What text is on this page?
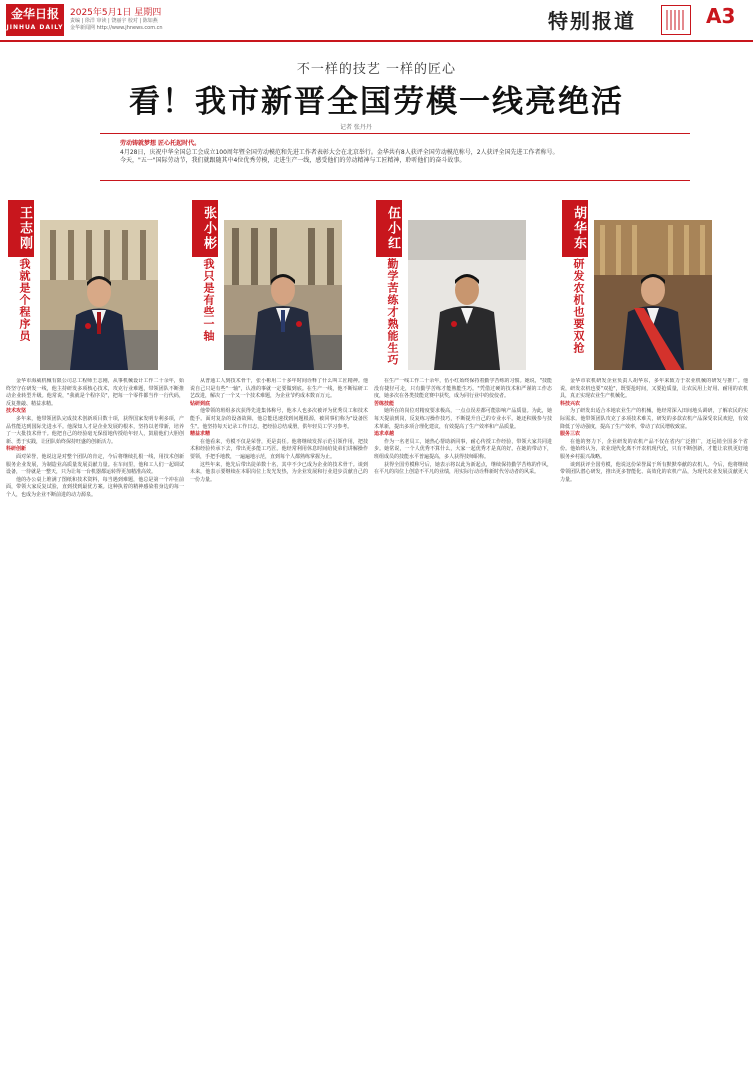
金华日报
JINHUA DAILY
2025年5月1日 星期四
责编 | 徐洋 审读 | 饶丽宇 校对 | 陈如燕
金华新闻网 http://www.jhnews.com.cn	特别报道	A3
不一样的技艺 一样的匠心
看！我市新晋全国劳模一线亮绝活
记者 张丹丹

劳动铸就梦想 匠心托起时代。

4月28日，庆祝中华全国总工会成立100周年暨全国劳动模范和先进工作者表彰大会在北京举行。金华共有8人获评全国劳动模范称号，2人获评全国先进工作者称号。

今天，"五一"国际劳动节，我们就跟随其中4位优秀劳模，走进生产一线，感受他们的劳动精神与工匠精神，聆听他们的奋斗故事。

王志刚
我就是个程序员

金华市海威机械有限公司总工程师王志刚，从事机械设计工作二十余年，始终坚守在研发一线，他主持研发多项核心技术，攻克行业难题，带领团队不断推动企业转型升级。他常说，"我就是个程序员"，把每一个零件都当作一行代码，反复推敲、精益求精。

技术攻坚

多年来，他带领团队完成技术创新项目数十项，获得国家发明专利多项，产品性能达到国际先进水平。他深知人才是企业发展的根本，坚持以老带新，培养了一大批技术骨干。他把自己的经验毫无保留地传授给年轻人，鼓励他们大胆创新、勇于实践，让团队始终保持旺盛的创新活力。

科研创新

面对荣誉，他说这是对整个团队的肯定，今后将继续扎根一线，用技术创新服务企业发展，为制造业高质量发展贡献力量。在车间里，他和工人们一起调试设备，一待就是一整天，只为让每一台机器都运转得更加精准高效。

他的办公桌上堆满了图纸和技术资料，每当遇到难题，他总是第一个冲在前面，带领大家反复试验，直到找到最优方案。这种执着的精神感染着身边的每一个人，也成为企业不断前进的动力源泉。

张小彬
我只是有些一轴

从普通工人到技术骨干，张小彬用二十多年时间诠释了什么叫工匠精神。他说自己只是有些"一轴"，认准的事就一定要做到底。在生产一线，他不断钻研工艺改进，解决了一个又一个技术难题，为企业节约成本数百万元。

钻研到底

他带领的班组多次获得先进集体称号，他本人也多次被评为优秀员工和技术能手。面对复杂的设备故障，他总能迅速找到问题根源，被同事们称为"设备医生"。他坚持每天记录工作日志，把经验总结成册，供年轻员工学习参考。

精益求精

在他看来，劳模不仅是荣誉，更是责任。他将继续发挥示范引领作用，把技术和经验传承下去，带出更多能工巧匠。他经常利用休息时间给徒弟们讲解操作要领，手把手地教，一遍遍地示范，直到每个人都熟练掌握为止。

这些年来，他先后带出徒弟数十名，其中不少已成为企业的技术骨干。谈到未来，他表示要继续在本职岗位上发光发热，为企业发展和行业进步贡献自己的一份力量。

伍小红
勤学苦练才熟能生巧

在生产一线工作二十余年，伍小红始终保持着勤学苦练的习惯。她说，"技能没有捷径可走，只有勤学苦练才能熟能生巧。"凭借过硬的技术和严谨的工作态度，她多次在各类技能竞赛中获奖，成为同行业中的佼佼者。

苦练技能

她所在的岗位对精度要求极高，一点点误差都可能影响产品质量。为此，她每天提前到岗，反复练习操作技巧，不断提升自己的专业水平。她还积极参与技术革新，提出多项合理化建议，有效提高了生产效率和产品质量。

追求卓越

作为一名老员工，她热心帮助新同事，耐心传授工作经验，带领大家共同进步。她常说，一个人优秀不算什么，大家一起优秀才是真的好。在她的带动下，班组成员的技能水平普遍提高，多人获得技师职称。

获得全国劳模称号后，她表示将以此为新起点，继续保持勤学苦练的作风，在平凡的岗位上创造不平凡的业绩，用实际行动诠释新时代劳动者的风采。

胡华东
研发农机也要双抢

金华市农机研发企业负责人胡华东，多年来致力于农业机械的研发与推广。他说，研发农机也要"双抢"，既要抢时间，又要抢质量，让农民用上好用、耐用的农机具，真正实现农业生产机械化。

科技兴农

为了研发出适合本地农业生产的机械，他经常深入田间地头调研，了解农民的实际需求。他带领团队攻克了多项技术难关，研发的多款农机产品深受农民欢迎，有效降低了劳动强度，提高了生产效率，带动了农民增收致富。

服务三农

在他的努力下，企业研发的农机产品不仅在省内广泛推广，还远销全国多个省份。他始终认为，农业现代化离不开农机现代化，只有不断创新，才能让农机更好地服务乡村振兴战略。

谈到获评全国劳模，他说这份荣誉属于所有默默奉献的农机人。今后，他将继续带领团队潜心研发，推出更多智能化、高效化的农机产品，为现代农业发展贡献更大力量。
